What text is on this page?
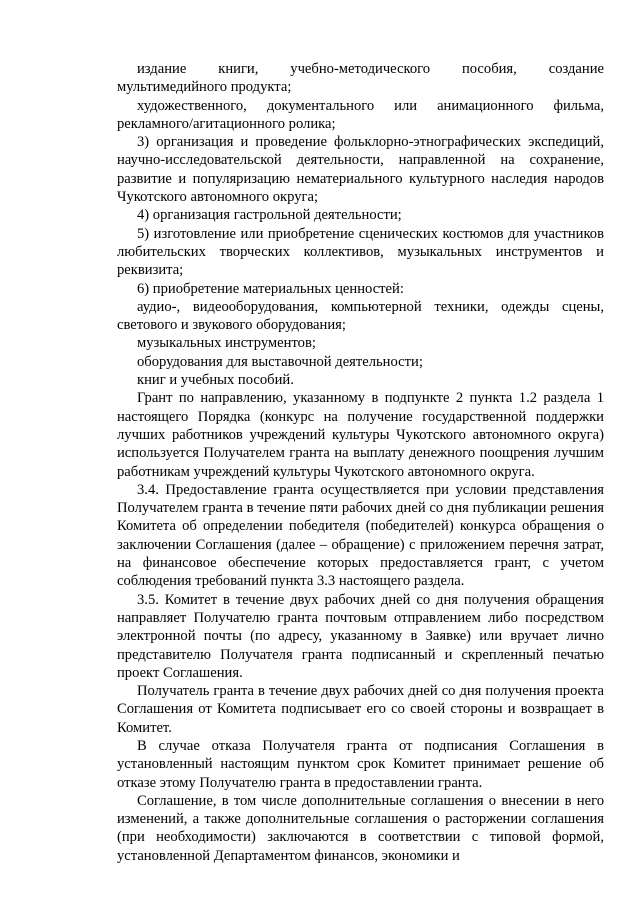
издание книги, учебно-методического пособия, создание мультимедийного продукта;

художественного, документального или анимационного фильма, рекламного/агитационного ролика;

3) организация и проведение фольклорно-этнографических экспедиций, научно-исследовательской деятельности, направленной на сохранение, развитие и популяризацию нематериального культурного наследия народов Чукотского автономного округа;

4) организация гастрольной деятельности;

5) изготовление или приобретение сценических костюмов для участников любительских творческих коллективов, музыкальных инструментов и реквизита;

6) приобретение материальных ценностей:

аудио-, видеооборудования, компьютерной техники, одежды сцены, светового и звукового оборудования;

музыкальных инструментов;

оборудования для выставочной деятельности;

книг и учебных пособий.

Грант по направлению, указанному в подпункте 2 пункта 1.2 раздела 1 настоящего Порядка (конкурс на получение государственной поддержки лучших работников учреждений культуры Чукотского автономного округа) используется Получателем гранта на выплату денежного поощрения лучшим работникам учреждений культуры Чукотского автономного округа.

3.4. Предоставление гранта осуществляется при условии представления Получателем гранта в течение пяти рабочих дней со дня публикации решения Комитета об определении победителя (победителей) конкурса обращения о заключении Соглашения (далее – обращение) с приложением перечня затрат, на финансовое обеспечение которых предоставляется грант, с учетом соблюдения требований пункта 3.3 настоящего раздела.

3.5. Комитет в течение двух рабочих дней со дня получения обращения направляет Получателю гранта почтовым отправлением либо посредством электронной почты (по адресу, указанному в Заявке) или вручает лично представителю Получателя гранта подписанный и скрепленный печатью проект Соглашения.

Получатель гранта в течение двух рабочих дней со дня получения проекта Соглашения от Комитета подписывает его со своей стороны и возвращает в Комитет.

В случае отказа Получателя гранта от подписания Соглашения в установленный настоящим пунктом срок Комитет принимает решение об отказе этому Получателю гранта в предоставлении гранта.

Соглашение, в том числе дополнительные соглашения о внесении в него изменений, а также дополнительные соглашения о расторжении соглашения (при необходимости) заключаются в соответствии с типовой формой, установленной Департаментом финансов, экономики и
